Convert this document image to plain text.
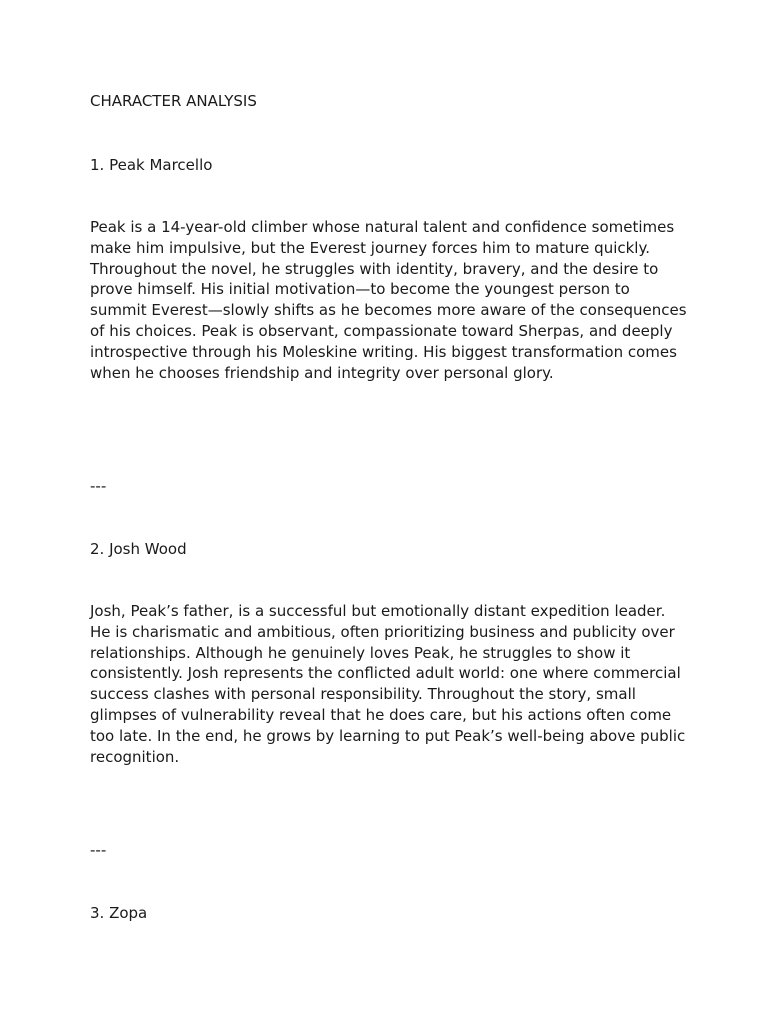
CHARACTER ANALYSIS
1. Peak Marcello
Peak is a 14-year-old climber whose natural talent and confidence sometimes make him impulsive, but the Everest journey forces him to mature quickly. Throughout the novel, he struggles with identity, bravery, and the desire to prove himself. His initial motivation—to become the youngest person to summit Everest—slowly shifts as he becomes more aware of the consequences of his choices. Peak is observant, compassionate toward Sherpas, and deeply introspective through his Moleskine writing. His biggest transformation comes when he chooses friendship and integrity over personal glory.
---
2. Josh Wood
Josh, Peak’s father, is a successful but emotionally distant expedition leader. He is charismatic and ambitious, often prioritizing business and publicity over relationships. Although he genuinely loves Peak, he struggles to show it consistently. Josh represents the conflicted adult world: one where commercial success clashes with personal responsibility. Throughout the story, small glimpses of vulnerability reveal that he does care, but his actions often come too late. In the end, he grows by learning to put Peak’s well-being above public recognition.
---
3. Zopa
